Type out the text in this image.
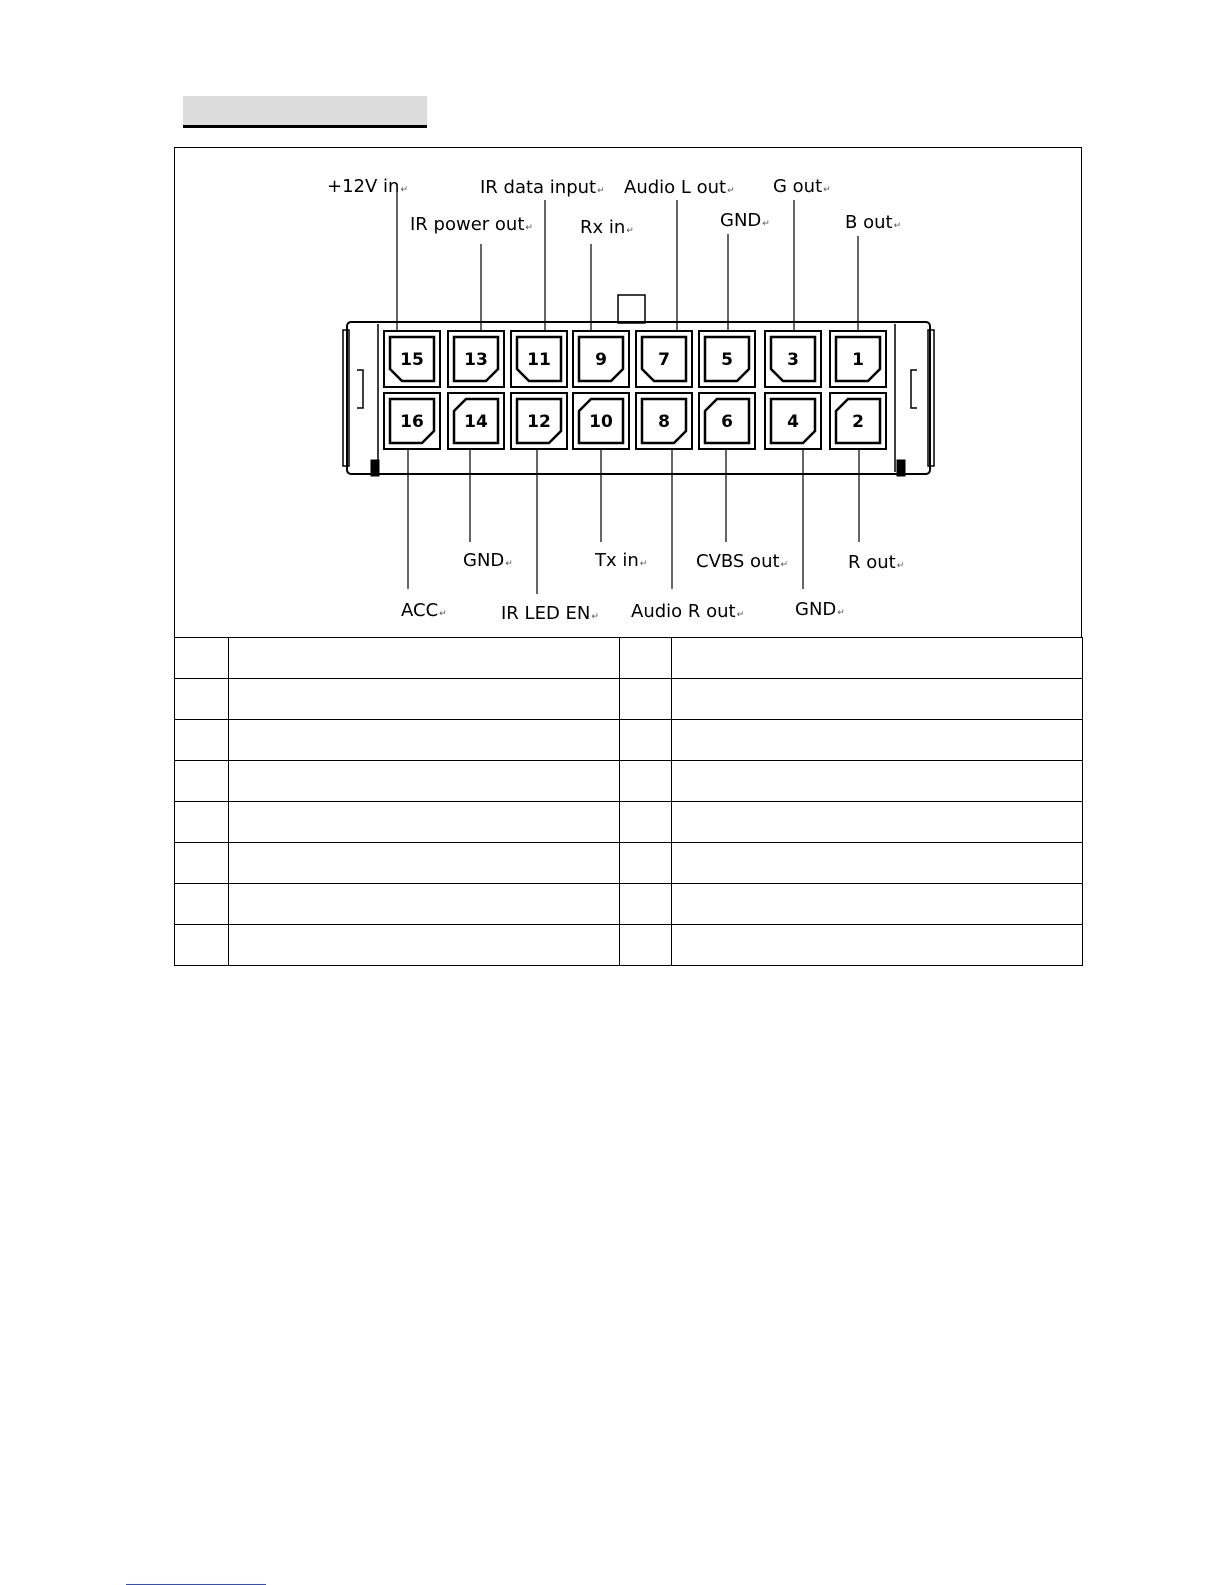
15 13 11	9	7	5	3	1
16 14 12 10	8	6	4	2
+12V in↵
IR power out↵
IR data input↵
Rx in↵
Audio L out↵
GND↵
G out↵
B out↵
ACC↵
GND↵
IR LED EN↵
Tx in↵
Audio R out↵
CVBS out↵
GND↵
R out↵
